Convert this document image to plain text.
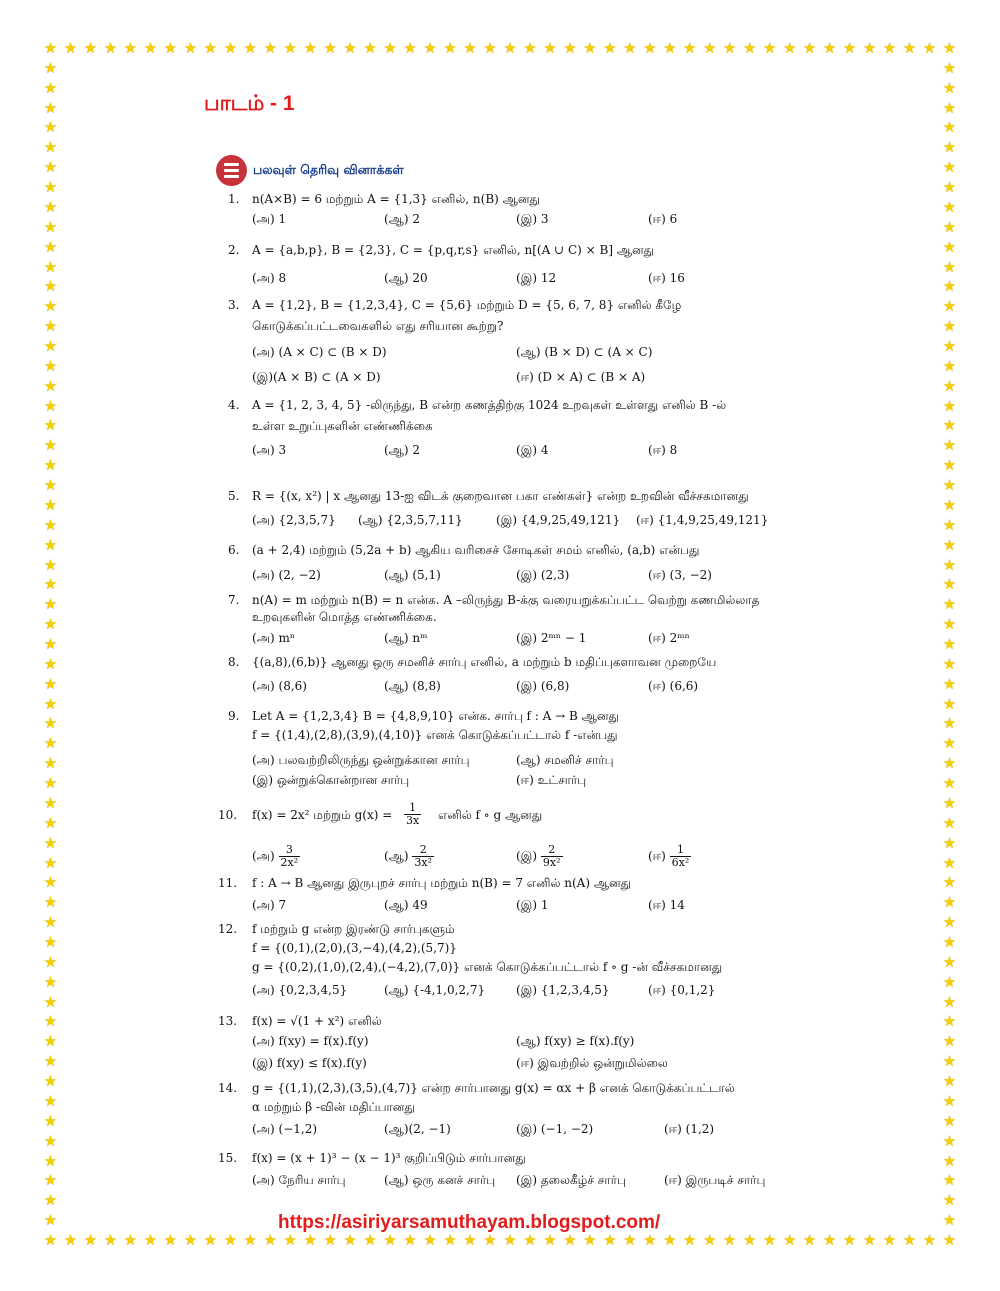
★
★
★
★
★
★
★
★
★
★
★
★
★
★
★
★
★
★
★
★
★
★
★
★
★
★
★
★
★
★
★
★
★
★
★
★
★
★
★
★
★
★
★
★
★
★
★
★
★
★
★
★
★
★
★
★
★
★
★
★
★
★
★
★
★
★
★
★
★
★
★
★
★
★
★
★
★
★
★
★
★
★
★
★
★
★
★
★
★
★
★
★
★	★
★	★
★	★
★	★
★	★
★	★
★	★
★	★
★	★
★	★
★	★
★	★
★	★
★	★
★	★
★	★
★	★
★	★
★	★
★	★
★	★
★	★
★	★
★	★
★	★
★	★
★	★
★	★
★	★
★	★
★	★
★	★
★	★
★	★
★	★
★	★
★	★
★	★
★	★
★	★
★	★
★	★
★	★
★	★
★	★
★	★
★	★
★	★
★	★
★	★
★	★
★	★
★	★
★	★
★	★
★	★
★	★
★	★
★	★
பாடம் - 1
பலவுள் தெரிவு வினாக்கள்
1. n(A×B) = 6 மற்றும் A = {1,3} எனில், n(B) ஆனது
(அ) 1	(ஆ) 2	(இ) 3	(ஈ) 6
2. A = {a,b,p}, B = {2,3}, C = {p,q,r,s} எனில், n[(A ∪ C) × B] ஆனது
(அ) 8	(ஆ) 20	(இ) 12	(ஈ) 16
3. A = {1,2}, B = {1,2,3,4}, C = {5,6} மற்றும் D = {5, 6, 7, 8} எனில் கீழே
கொடுக்கப்பட்டவைகளில் எது சரியான கூற்று?
(அ) (A × C) ⊂ (B × D)	(ஆ) (B × D) ⊂ (A × C)
(இ)(A × B) ⊂ (A × D)	(ஈ) (D × A) ⊂ (B × A)
4. A = {1, 2, 3, 4, 5} -லிருந்து, B என்ற கணத்திற்கு 1024 உறவுகள் உள்ளது எனில் B -ல்
உள்ள உறுப்புகளின் எண்ணிக்கை
(அ) 3	(ஆ) 2	(இ) 4	(ஈ) 8
5. R = {(x, x²) | x ஆனது 13-ஐ விடக் குறைவான பகா எண்கள்} என்ற உறவின் வீச்சகமானது
(அ) {2,3,5,7} (ஆ) {2,3,5,7,11}	(இ) {4,9,25,49,121} (ஈ) {1,4,9,25,49,121}
6. (a + 2,4) மற்றும் (5,2a + b) ஆகிய வரிசைச் சோடிகள் சமம் எனில், (a,b) என்பது
(அ) (2, −2)	(ஆ) (5,1)	(இ) (2,3)	(ஈ) (3, −2)
7. n(A) = m மற்றும் n(B) = n என்க. A –லிருந்து B-க்கு வரையறுக்கப்பட்ட வெற்று கணமில்லாத
உறவுகளின் மொத்த எண்ணிக்கை.
(அ) mⁿ	(ஆ) nᵐ	(இ) 2ᵐⁿ − 1	(ஈ) 2ᵐⁿ
8. {(a,8),(6,b)} ஆனது ஒரு சமனிச் சார்பு எனில், a மற்றும் b மதிப்புகளாவன முறையே
(அ) (8,6)	(ஆ) (8,8)	(இ) (6,8)	(ஈ) (6,6)
9. Let A = {1,2,3,4} B = {4,8,9,10} என்க. சார்பு f : A → B ஆனது
f = {(1,4),(2,8),(3,9),(4,10)} எனக் கொடுக்கப்பட்டால் f -என்பது
(அ) பலவற்றிலிருந்து ஒன்றுக்கான சார்பு	(ஆ) சமனிச் சார்பு
(இ) ஒன்றுக்கொன்றான சார்பு	(ஈ) உட்சார்பு
10. f(x) = 2x² மற்றும் $g(x) = \frac{1}{3x}$ எனில் f ∘ g ஆனது
(அ) $\frac{3}{\text{2x²}}$	(ஆ) $\frac{2}{\text{3x²}}$	(இ) $\frac{2}{\text{9x²}}$	(ஈ) $\frac{1}{\text{6x²}}$
11. f : A → B ஆனது இருபுறச் சார்பு மற்றும் n(B) = 7 எனில் n(A) ஆனது
(அ) 7	(ஆ) 49	(இ) 1	(ஈ) 14
12. f மற்றும் g என்ற இரண்டு சார்புகளும்
f = {(0,1),(2,0),(3,−4),(4,2),(5,7)}
g = {(0,2),(1,0),(2,4),(−4,2),(7,0)} எனக் கொடுக்கப்பட்டால் f ∘ g -ன் வீச்சகமானது
(அ) {0,2,3,4,5}	(ஆ) {-4,1,0,2,7}	(இ) {1,2,3,4,5}	(ஈ) {0,1,2}
13. f(x) = √(1 + x²) எனில்
(அ) f(xy) = f(x).f(y)	(ஆ) f(xy) ≥ f(x).f(y)
(இ) f(xy) ≤ f(x).f(y)	(ஈ) இவற்றில் ஒன்றுமில்லை
14. g = {(1,1),(2,3),(3,5),(4,7)} என்ற சார்பானது g(x) = αx + β எனக் கொடுக்கப்பட்டால்
α மற்றும் β -வின் மதிப்பானது
(அ) (−1,2)	(ஆ)(2, −1)	(இ) (−1, −2)	(ஈ) (1,2)
15. f(x) = (x + 1)³ − (x − 1)³ குறிப்பிடும் சார்பானது
(அ) நேரிய சார்பு	(ஆ) ஒரு கனச் சார்பு (இ) தலைகீழ்ச் சார்பு	(ஈ) இருபடிச் சார்பு
https://asiriyarsamuthayam.blogspot.com/
